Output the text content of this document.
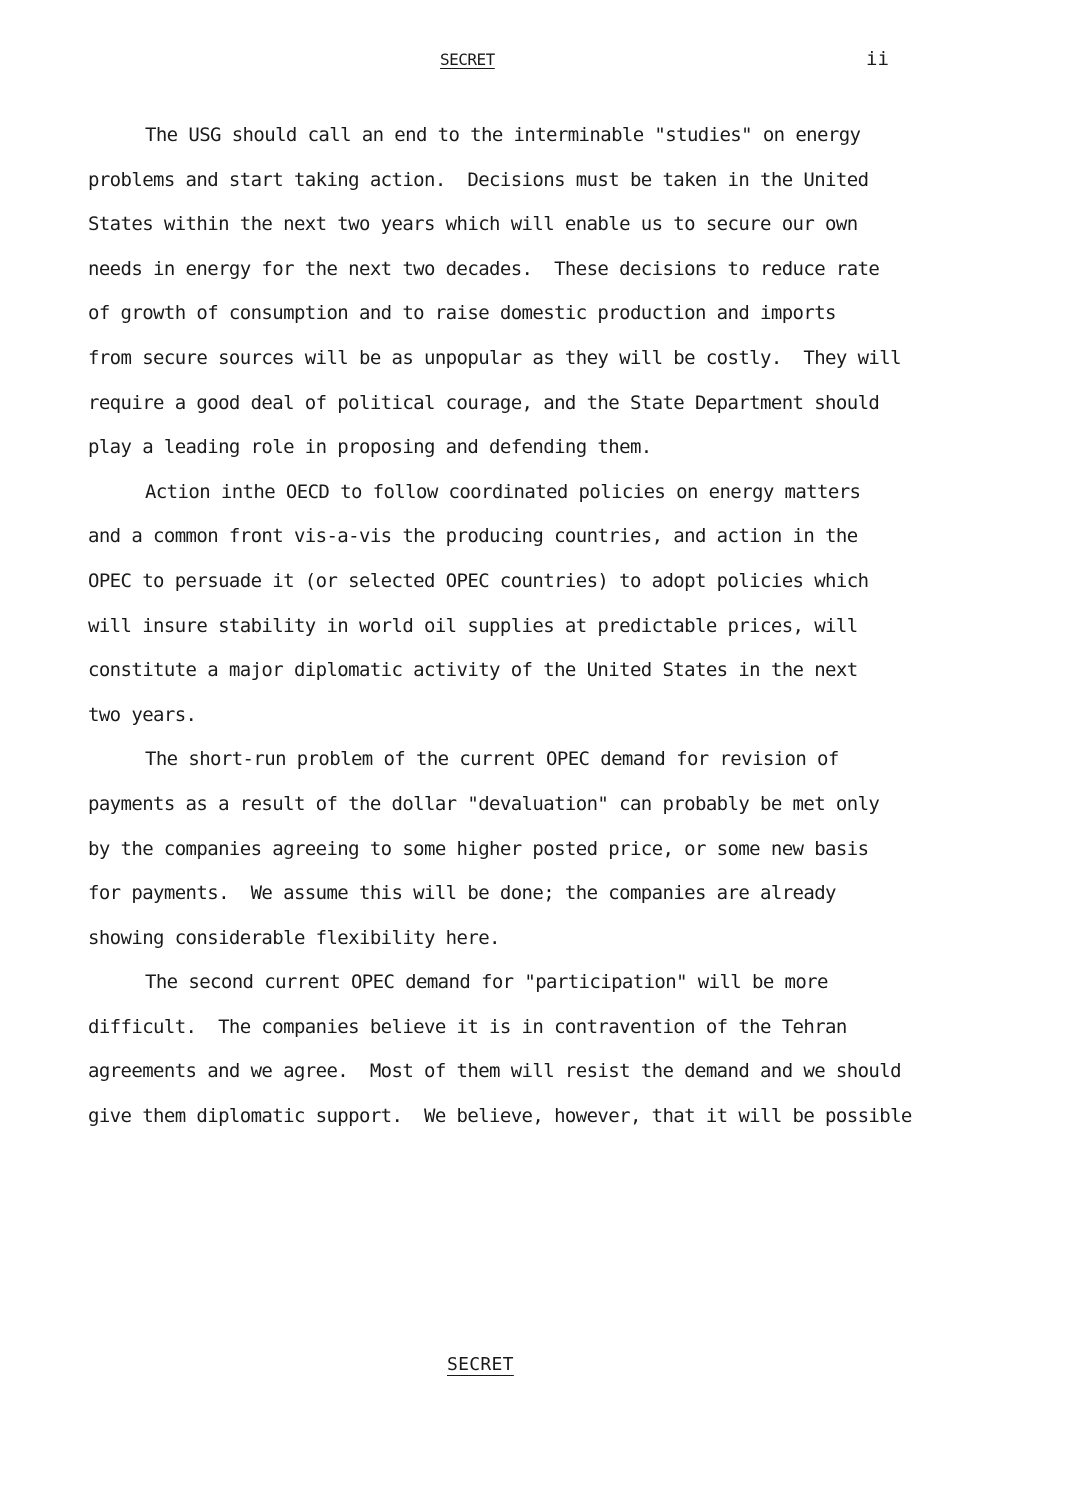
SECRET	ii
The USG should call an end to the interminable "studies" on energy
problems and start taking action.  Decisions must be taken in the United
States within the next two years which will enable us to secure our own
needs in energy for the next two decades.  These decisions to reduce rate
of growth of consumption and to raise domestic production and imports
from secure sources will be as unpopular as they will be costly.  They will
require a good deal of political courage, and the State Department should
play a leading role in proposing and defending them.
Action inthe OECD to follow coordinated policies on energy matters
and a common front vis-a-vis the producing countries, and action in the
OPEC to persuade it (or selected OPEC countries) to adopt policies which
will insure stability in world oil supplies at predictable prices, will
constitute a major diplomatic activity of the United States in the next
two years.
The short-run problem of the current OPEC demand for revision of
payments as a result of the dollar "devaluation" can probably be met only
by the companies agreeing to some higher posted price, or some new basis
for payments.  We assume this will be done; the companies are already
showing considerable flexibility here.
The second current OPEC demand for "participation" will be more
difficult.  The companies believe it is in contravention of the Tehran
agreements and we agree.  Most of them will resist the demand and we should
give them diplomatic support.  We believe, however, that it will be possible
SECRET
